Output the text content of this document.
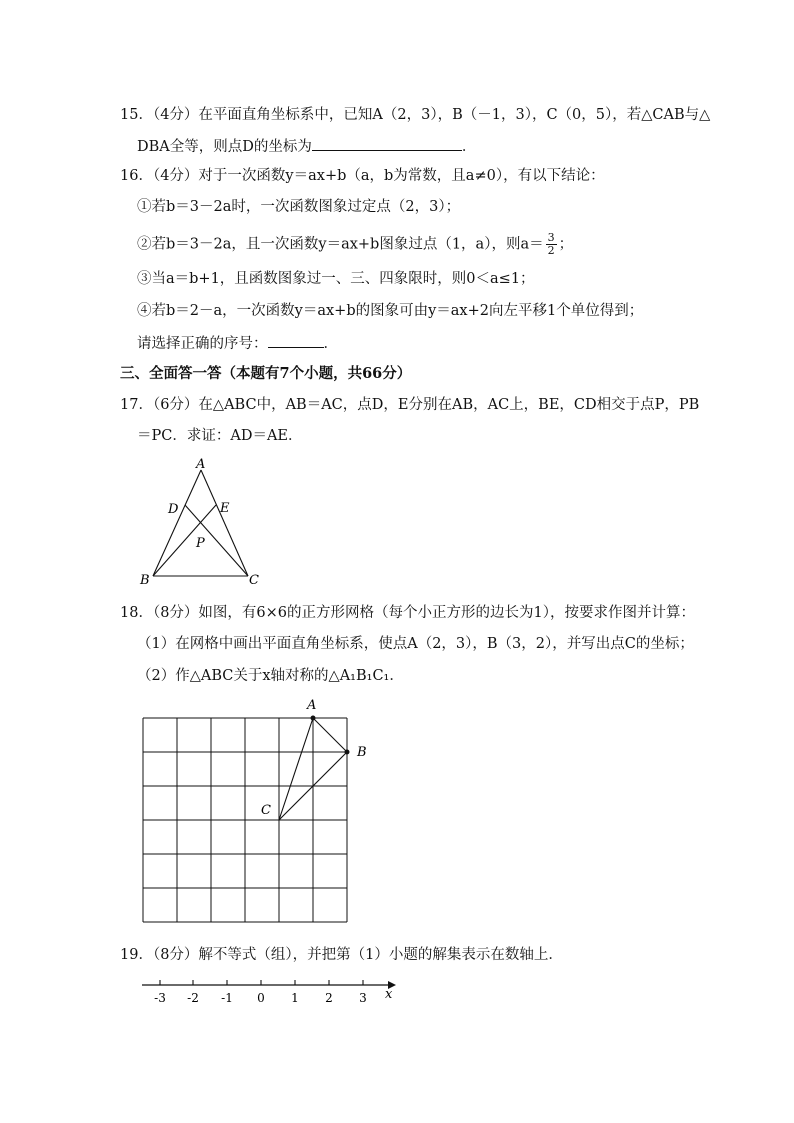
15．（4分）在平面直角坐标系中，已知A（2，3），B（－1，3），C（0，5），若△CAB与△
DBA全等，则点D的坐标为	．
16．（4分）对于一次函数y＝ax+b（a，b为常数，且a≠0），有以下结论：
①若b＝3－2a时，一次函数图象过定点（2，3）；
②若b＝3－2a，且一次函数y＝ax+b图象过点（1，a），则$a= \frac{3}{2}$ ；
③当a＝b+1，且函数图象过一、三、四象限时，则0＜a≤1；
④若b＝2－a，一次函数y＝ax+b的图象可由y＝ax+2向左平移1个单位得到；
请选择正确的序号：	．
三、全面答一答（本题有7个小题，共66分）
17．（6分）在△ABC中，AB＝AC，点D，E分别在AB，AC上，BE，CD相交于点P，PB
＝PC．求证：AD＝AE．
A
D	E
P
B	C
18．（8分）如图，有6×6的正方形网格（每个小正方形的边长为1），按要求作图并计算：
（1）在网格中画出平面直角坐标系，使点A（2，3），B（3，2），并写出点C的坐标；
（2）作△ABC关于x轴对称的△A₁B₁C₁．
A
B
C
19．（8分）解不等式（组），并把第（1）小题的解集表示在数轴上．
-3 -2 -1 0 1 2 3 x
